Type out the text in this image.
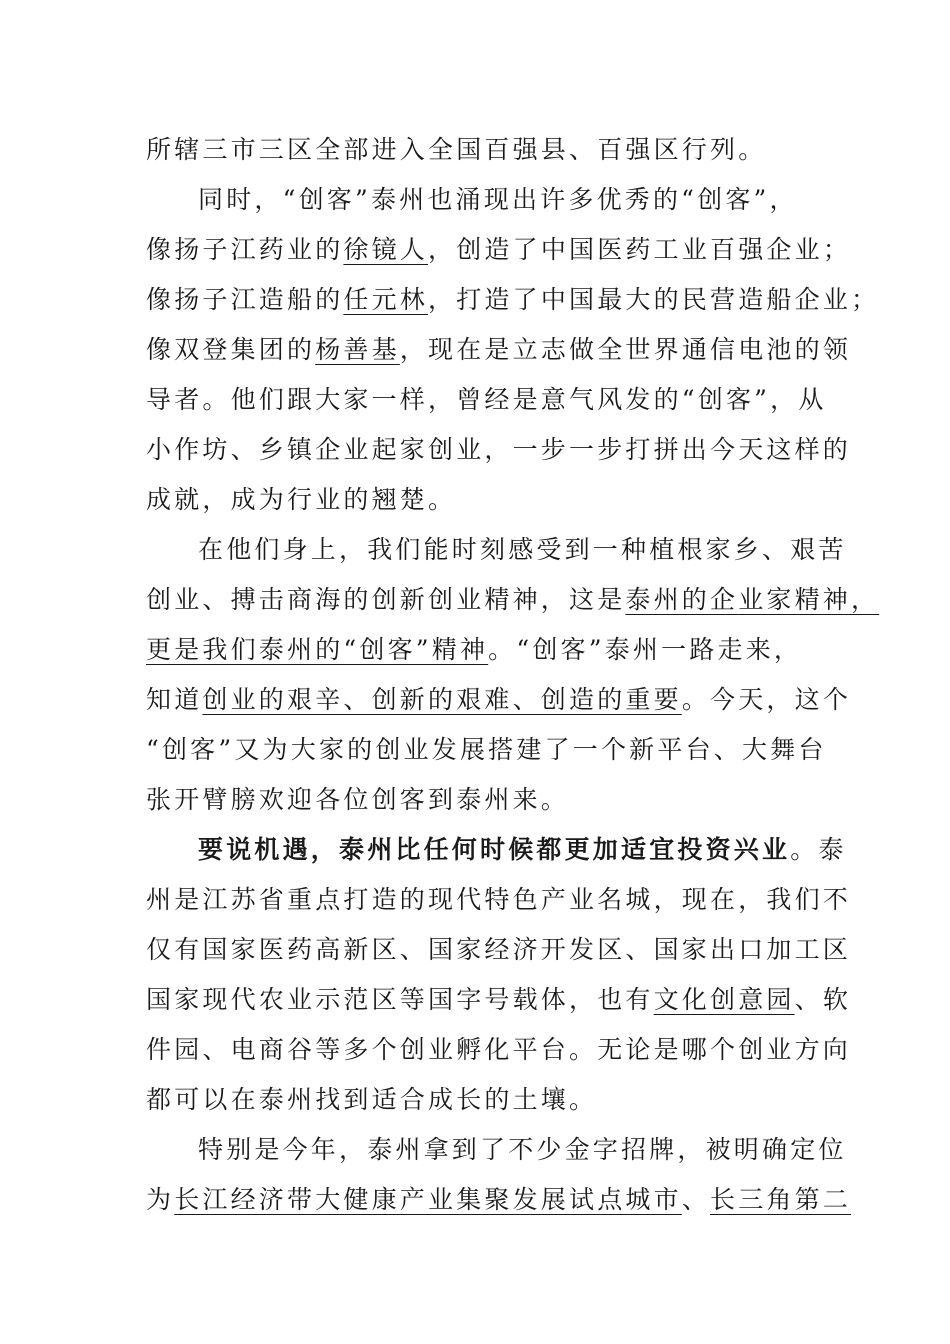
所辖三市三区全部进入全国百强县、百强区行列。
同时，“创客”泰州也涌现出许多优秀的“创客”，
像扬子江药业的徐镜人，创造了中国医药工业百强企业；
像扬子江造船的任元林，打造了中国最大的民营造船企业；
像双登集团的杨善基，现在是立志做全世界通信电池的领
导者。他们跟大家一样，曾经是意气风发的“创客”，从
小作坊、乡镇企业起家创业，一步一步打拼出今天这样的
成就，成为行业的翘楚。
在他们身上，我们能时刻感受到一种植根家乡、艰苦
创业、搏击商海的创新创业精神，这是泰州的企业家精神，
更是我们泰州的“创客”精神。“创客”泰州一路走来，
知道创业的艰辛、创新的艰难、创造的重要。今天，这个
“创客”又为大家的创业发展搭建了一个新平台、大舞台
张开臂膀欢迎各位创客到泰州来。
要说机遇，泰州比任何时候都更加适宜投资兴业。泰
州是江苏省重点打造的现代特色产业名城，现在，我们不
仅有国家医药高新区、国家经济开发区、国家出口加工区
国家现代农业示范区等国字号载体，也有文化创意园、软
件园、电商谷等多个创业孵化平台。无论是哪个创业方向
都可以在泰州找到适合成长的土壤。
特别是今年，泰州拿到了不少金字招牌，被明确定位
为长江经济带大健康产业集聚发展试点城市、长三角第二
